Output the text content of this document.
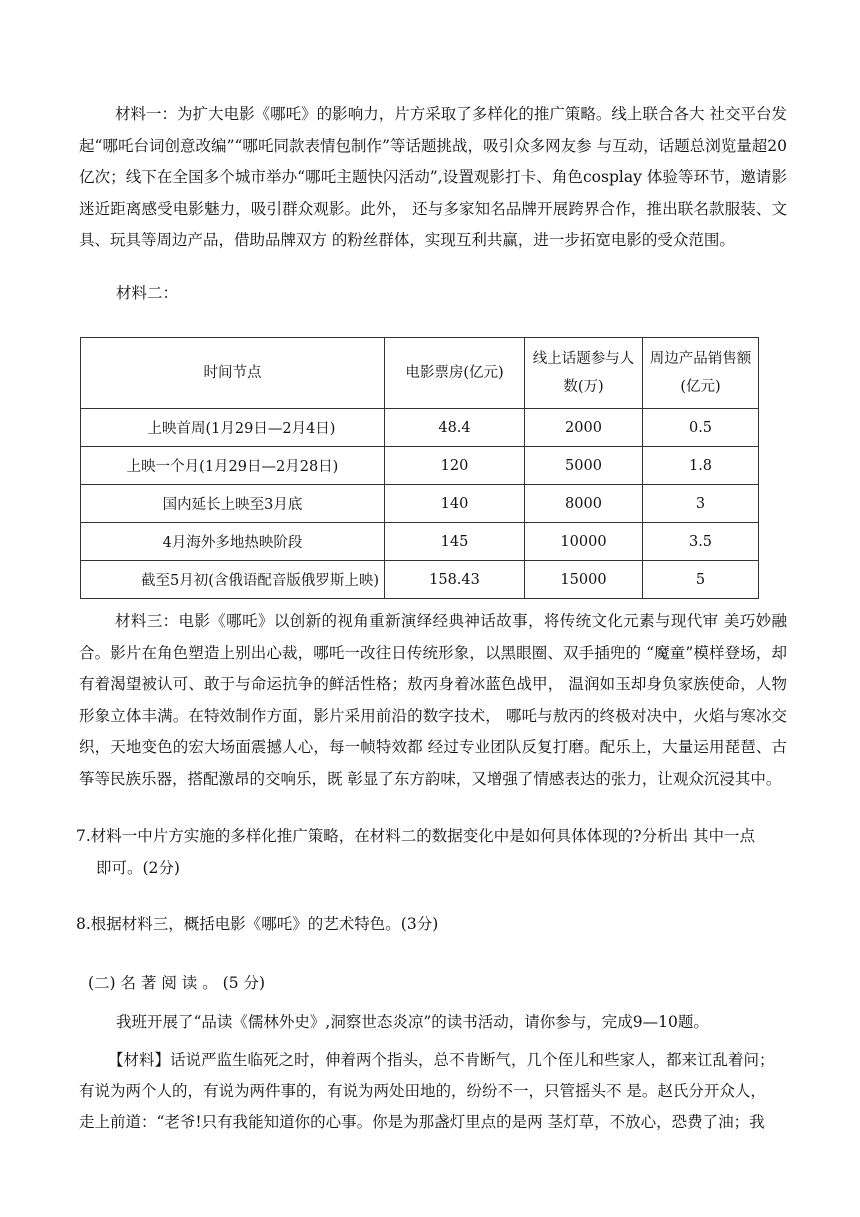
材料一：为扩大电影《哪吒》的影响力，片方采取了多样化的推广策略。线上联合各大 社交平台发起“哪吒台词创意改编”“哪吒同款表情包制作”等话题挑战，吸引众多网友参 与互动，话题总浏览量超20亿次；线下在全国多个城市举办“哪吒主题快闪活动”,设置观影打卡、角色cosplay 体验等环节，邀请影迷近距离感受电影魅力，吸引群众观影。此外， 还与多家知名品牌开展跨界合作，推出联名款服装、文具、玩具等周边产品，借助品牌双方 的粉丝群体，实现互利共赢，进一步拓宽电影的受众范围。

材料二：

时间节点	电影票房(亿元)	线上话题参与人数(万)	周边产品销售额(亿元)
上映首周(1月29日—2月4日)	48.4	2000	0.5
上映一个月(1月29日—2月28日)	120	5000	1.8
国内延长上映至3月底	140	8000	3
4月海外多地热映阶段	145	10000	3.5
截至5月初(含俄语配音版俄罗斯上映)	158.43	15000	5

材料三：电影《哪吒》以创新的视角重新演绎经典神话故事，将传统文化元素与现代审 美巧妙融合。影片在角色塑造上别出心裁，哪吒一改往日传统形象，以黑眼圈、双手插兜的 “魔童”模样登场，却有着渴望被认可、敢于与命运抗争的鲜活性格；敖丙身着冰蓝色战甲， 温润如玉却身负家族使命，人物形象立体丰满。在特效制作方面，影片采用前沿的数字技术， 哪吒与敖丙的终极对决中，火焰与寒冰交织，天地变色的宏大场面震撼人心，每一帧特效都 经过专业团队反复打磨。配乐上，大量运用琵琶、古筝等民族乐器，搭配激昂的交响乐，既 彰显了东方韵味，又增强了情感表达的张力，让观众沉浸其中。

7.材料一中片方实施的多样化推广策略，在材料二的数据变化中是如何具体体现的?分析出 其中一点

即可。(2分)

8.根据材料三，概括电影《哪吒》的艺术特色。(3分)

(二) 名 著 阅 读 。 (5 分)

我班开展了“品读《儒林外史》,洞察世态炎凉”的读书活动，请你参与，完成9—10题。

【材料】话说严监生临死之时，伸着两个指头，总不肯断气，几个侄儿和些家人，都来讧乱着问；

有说为两个人的，有说为两件事的，有说为两处田地的，纷纷不一，只管摇头不 是。赵氏分开众人，

走上前道：“老爷!只有我能知道你的心事。你是为那盏灯里点的是两 茎灯草，不放心，恐费了油；我
